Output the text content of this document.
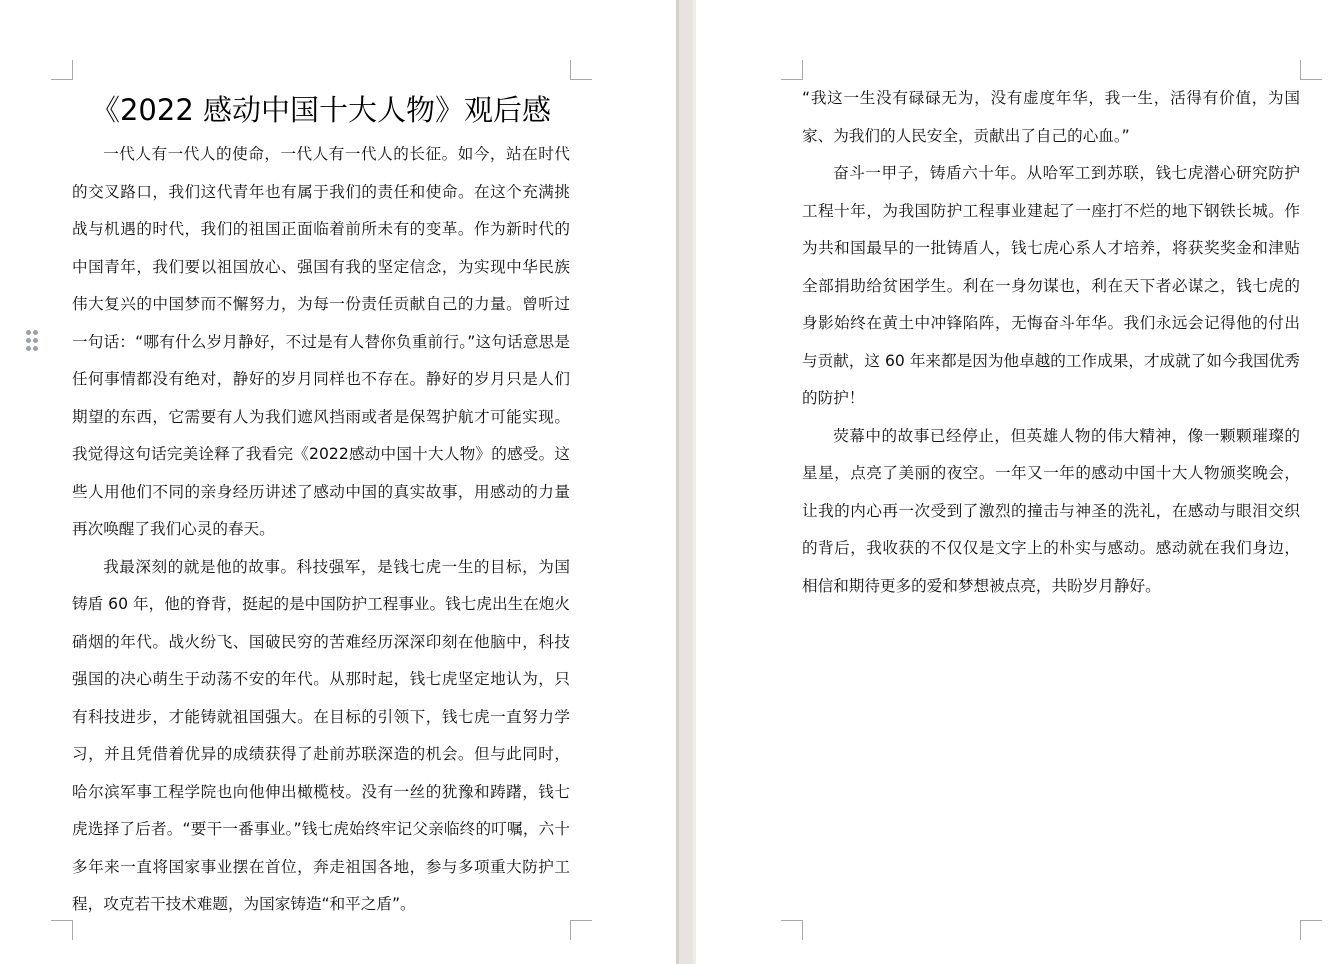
《2022 感动中国十大人物》观后感

一代人有一代人的使命，一代人有一代人的长征。如今，站在时代的交叉路口，我们这代青年也有属于我们的责任和使命。在这个充满挑战与机遇的时代，我们的祖国正面临着前所未有的变革。作为新时代的中国青年，我们要以祖国放心、强国有我的坚定信念，为实现中华民族伟大复兴的中国梦而不懈努力，为每一份责任贡献自己的力量。曾听过一句话：“哪有什么岁月静好，不过是有人替你负重前行。”这句话意思是任何事情都没有绝对，静好的岁月同样也不存在。静好的岁月只是人们期望的东西，它需要有人为我们遮风挡雨或者是保驾护航才可能实现。我觉得这句话完美诠释了我看完《2022感动中国十大人物》的感受。这些人用他们不同的亲身经历讲述了感动中国的真实故事，用感动的力量再次唤醒了我们心灵的春天。

我最深刻的就是他的故事。科技强军，是钱七虎一生的目标，为国铸盾 60 年，他的脊背，挺起的是中国防护工程事业。钱七虎出生在炮火硝烟的年代。战火纷飞、国破民穷的苦难经历深深印刻在他脑中，科技强国的决心萌生于动荡不安的年代。从那时起，钱七虎坚定地认为，只有科技进步，才能铸就祖国强大。在目标的引领下，钱七虎一直努力学习，并且凭借着优异的成绩获得了赴前苏联深造的机会。但与此同时，哈尔滨军事工程学院也向他伸出橄榄枝。没有一丝的犹豫和踌躇，钱七虎选择了后者。“要干一番事业。”钱七虎始终牢记父亲临终的叮嘱，六十多年来一直将国家事业摆在首位，奔走祖国各地，参与多项重大防护工程，攻克若干技术难题，为国家铸造“和平之盾”。

“我这一生没有碌碌无为，没有虚度年华，我一生，活得有价值，为国家、为我们的人民安全，贡献出了自己的心血。”

奋斗一甲子，铸盾六十年。从哈军工到苏联，钱七虎潜心研究防护工程十年，为我国防护工程事业建起了一座打不烂的地下钢铁长城。作为共和国最早的一批铸盾人，钱七虎心系人才培养，将获奖奖金和津贴全部捐助给贫困学生。利在一身勿谋也，利在天下者必谋之，钱七虎的身影始终在黄土中冲锋陷阵，无悔奋斗年华。我们永远会记得他的付出与贡献，这 60 年来都是因为他卓越的工作成果，才成就了如今我国优秀的防护！

荧幕中的故事已经停止，但英雄人物的伟大精神，像一颗颗璀璨的星星，点亮了美丽的夜空。一年又一年的感动中国十大人物颁奖晚会，让我的内心再一次受到了激烈的撞击与神圣的洗礼，在感动与眼泪交织的背后，我收获的不仅仅是文字上的朴实与感动。感动就在我们身边，相信和期待更多的爱和梦想被点亮，共盼岁月静好。
